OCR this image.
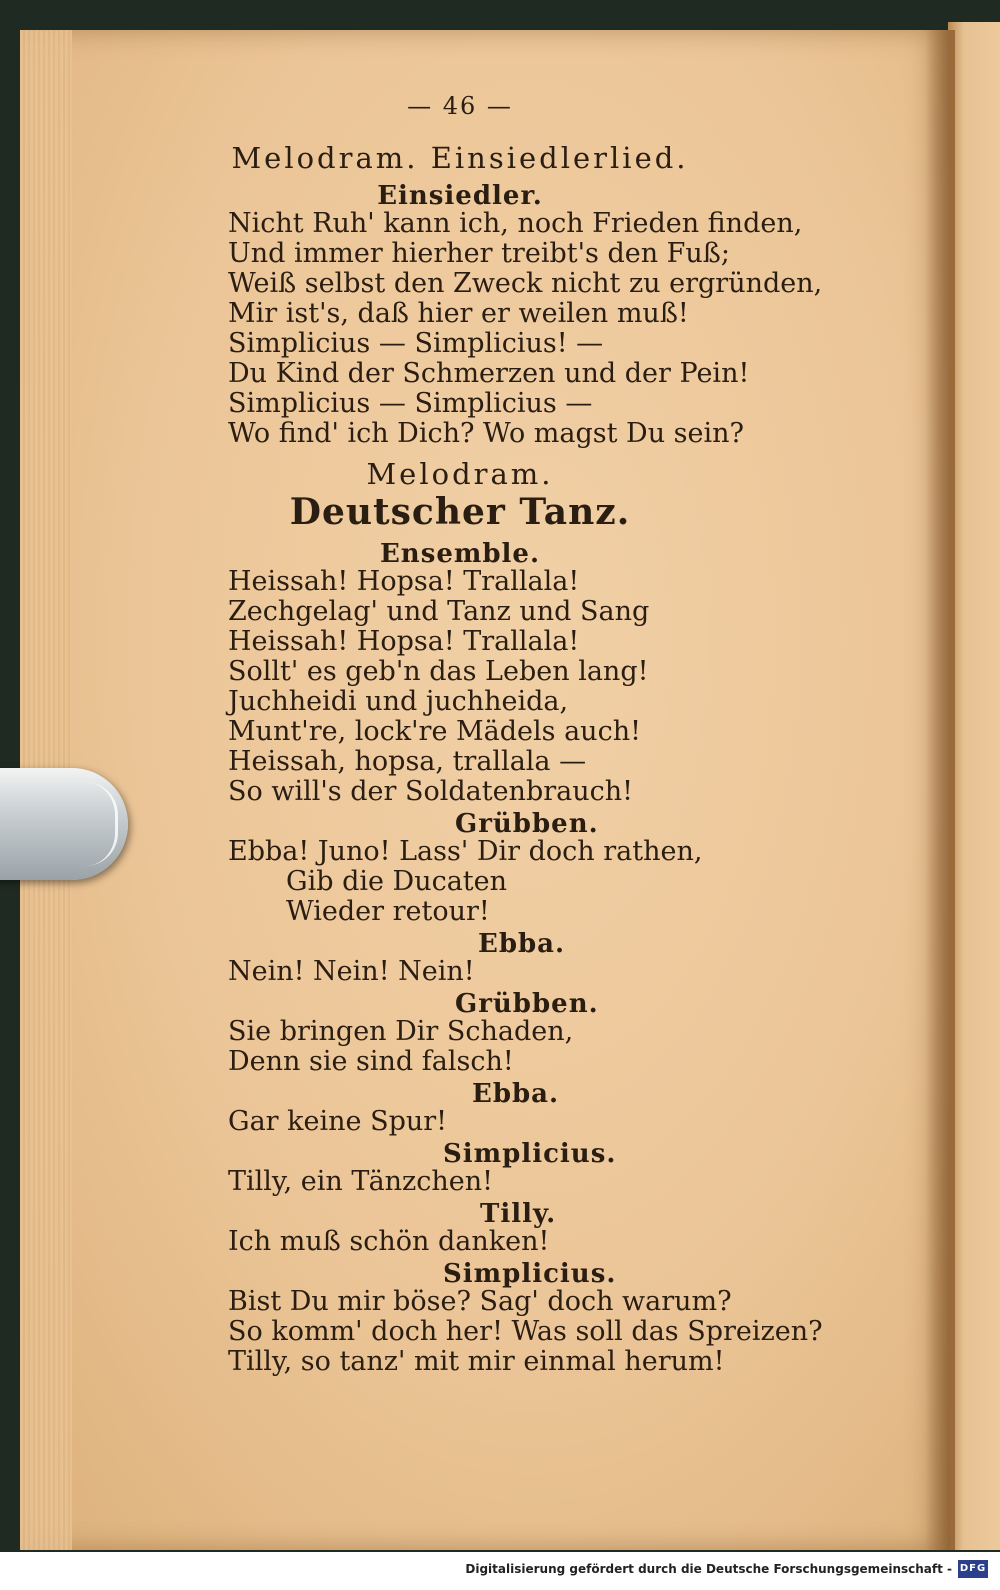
— 46 —
Melodram. Einsiedlerlied.
Einsiedler.
Nicht Ruh' kann ich, noch Frieden finden,
Und immer hierher treibt's den Fuß;
Weiß selbst den Zweck nicht zu ergründen,
Mir ist's, daß hier er weilen muß!
Simplicius — Simplicius! —
Du Kind der Schmerzen und der Pein!
Simplicius — Simplicius —
Wo find' ich Dich? Wo magst Du sein?
Melodram.
Deutscher Tanz.
Ensemble.
Heissah! Hopsa! Trallala!
Zechgelag' und Tanz und Sang
Heissah! Hopsa! Trallala!
Sollt' es geb'n das Leben lang!
Juchheidi und juchheida,
Munt're, lock're Mädels auch!
Heissah, hopsa, trallala —
So will's der Soldatenbrauch!
Grübben.
Ebba! Juno! Lass' Dir doch rathen,
Gib die Ducaten
Wieder retour!
Ebba.
Nein! Nein! Nein!
Grübben.
Sie bringen Dir Schaden,
Denn sie sind falsch!
Ebba.
Gar keine Spur!
Simplicius.
Tilly, ein Tänzchen!
Tilly.
Ich muß schön danken!
Simplicius.
Bist Du mir böse? Sag' doch warum?
So komm' doch her! Was soll das Spreizen?
Tilly, so tanz' mit mir einmal herum!
Digitalisierung gefördert durch die Deutsche Forschungsgemeinschaft - DFG
